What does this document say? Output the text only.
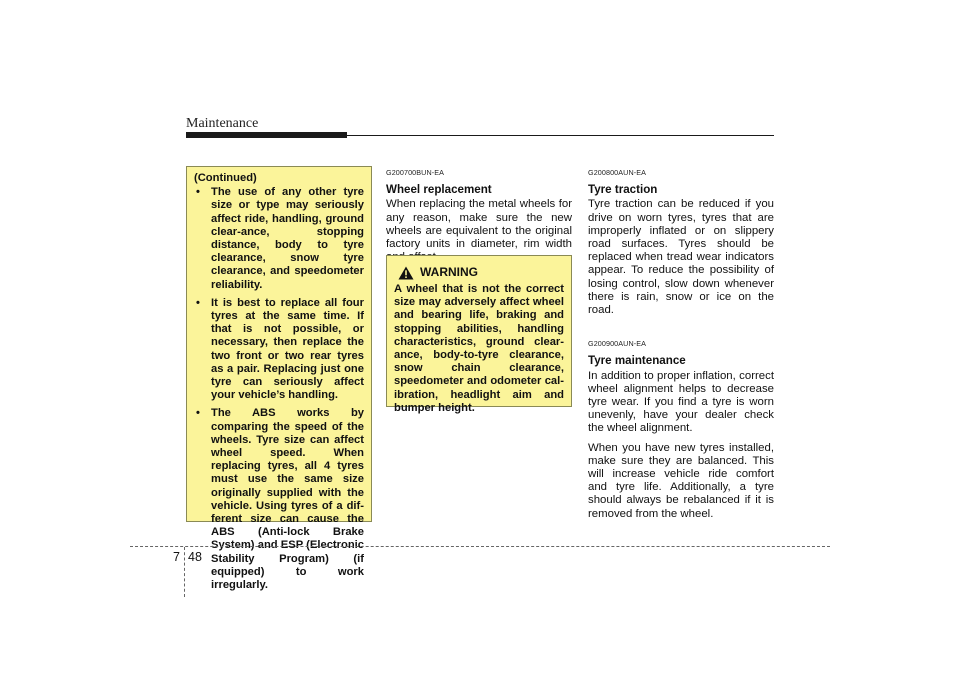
Maintenance
(Continued)
• The use of any other tyre size or type may seriously affect ride, handling, ground clear-ance, stopping distance, body to tyre clearance, snow tyre clearance, and speedometer reliability.
• It is best to replace all four tyres at the same time. If that is not possible, or necessary, then replace the two front or two rear tyres as a pair. Replacing just one tyre can seriously affect your vehicle’s handling.
• The ABS works by comparing the speed of the wheels. Tyre size can affect wheel speed. When replacing tyres, all 4 tyres must use the same size originally supplied with the vehicle. Using tyres of a dif-ferent size can cause the ABS (Anti-lock Brake System) and ESP (Electronic Stability Program) (if equipped) to work irregularly.
G200700BUN-EA
Wheel replacement
When replacing the metal wheels for any reason, make sure the new wheels are equivalent to the original factory units in diameter, rim width
WARNING
A wheel that is not the correct size may adversely affect wheel and bearing life, braking and stopping abilities, handling characteristics, ground clear-ance, body-to-tyre clearance, snow chain clearance, speedometer and odometer cal-ibration, headlight aim and bumper height.
G200800AUN-EA
Tyre traction
Tyre traction can be reduced if you drive on worn tyres, tyres that are improperly inflated or on slippery road surfaces. Tyres should be replaced when tread wear indicators appear. To reduce the possibility of losing control, slow down whenever there is rain, snow or ice on the road.
G200900AUN-EA
Tyre maintenance
In addition to proper inflation, correct wheel alignment helps to decrease tyre wear. If you find a tyre is worn unevenly, have your dealer check the wheel alignment.
When you have new tyres installed, make sure they are balanced. This will increase vehicle ride comfort and tyre life. Additionally, a tyre should always be rebalanced if it is removed from the wheel.
7 48
